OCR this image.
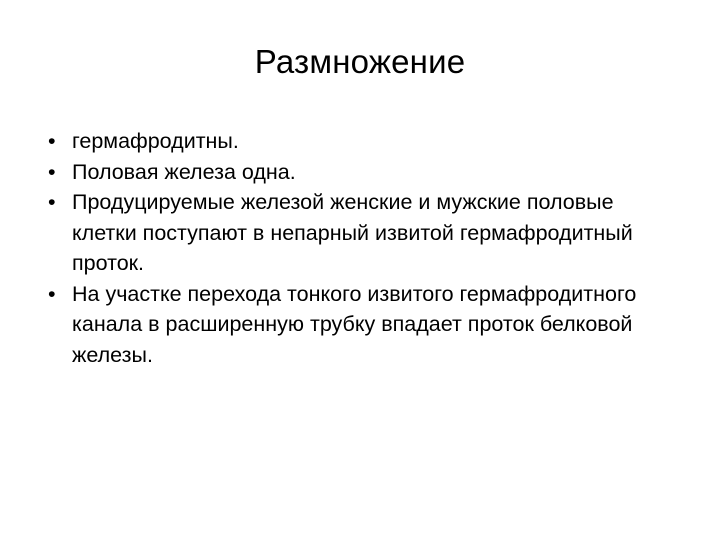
Размножение
• гермафродитны.
• Половая железа одна.
• Продуцируемые железой женские и мужские половые клетки поступают в непарный извитой гермафродитный проток.
• На участке перехода тонкого извитого гермафродитного канала в расширенную трубку впадает проток белковой железы.
